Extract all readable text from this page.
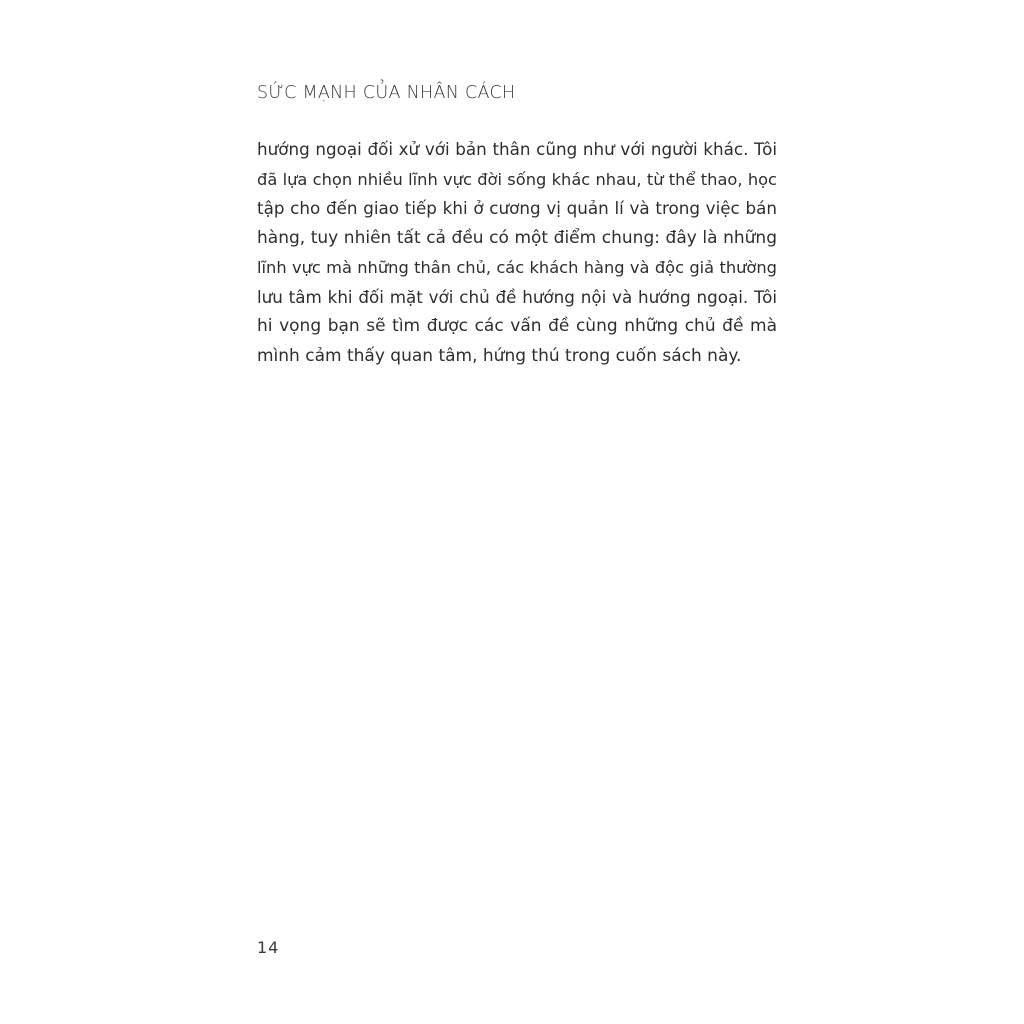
SỨC MẠNH CỦA NHÂN CÁCH
hướng ngoại đối xử với bản thân cũng như với người khác. Tôi
đã lựa chọn nhiều lĩnh vực đời sống khác nhau, từ thể thao, học
tập cho đến giao tiếp khi ở cương vị quản lí và trong việc bán
hàng, tuy nhiên tất cả đều có một điểm chung: đây là những
lĩnh vực mà những thân chủ, các khách hàng và độc giả thường
lưu tâm khi đối mặt với chủ đề hướng nội và hướng ngoại. Tôi
hi vọng bạn sẽ tìm được các vấn đề cùng những chủ đề mà
mình cảm thấy quan tâm, hứng thú trong cuốn sách này.
14
